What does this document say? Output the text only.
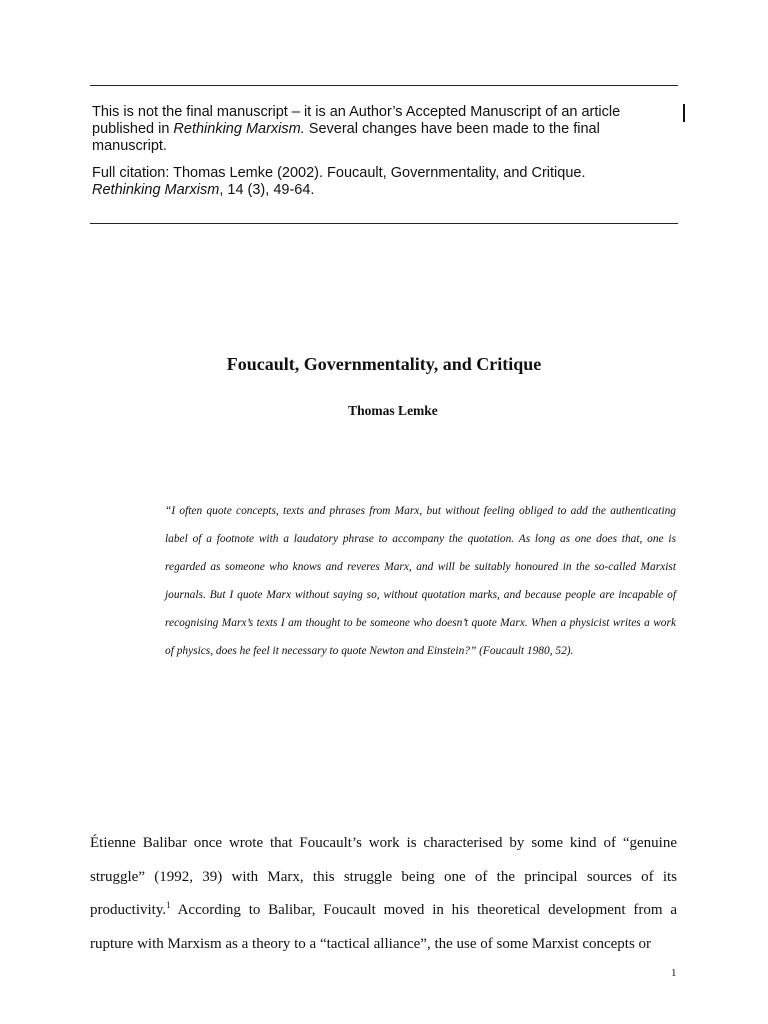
This is not the final manuscript – it is an Author’s Accepted Manuscript of an article published in Rethinking Marxism. Several changes have been made to the final manuscript.

Full citation: Thomas Lemke (2002). Foucault, Governmentality, and Critique. Rethinking Marxism, 14 (3), 49-64.

Foucault, Governmentality, and Critique
Thomas Lemke

“I often quote concepts, texts and phrases from Marx, but without feeling obliged to add the authenticating label of a footnote with a laudatory phrase to accompany the quotation. As long as one does that, one is regarded as someone who knows and reveres Marx, and will be suitably honoured in the so-called Marxist journals. But I quote Marx without saying so, without quotation marks, and because people are incapable of recognising Marx’s texts I am thought to be someone who doesn’t quote Marx. When a physicist writes a work of physics, does he feel it necessary to quote Newton and Einstein?” (Foucault 1980, 52).

Étienne Balibar once wrote that Foucault’s work is characterised by some kind of “genuine struggle” (1992, 39) with Marx, this struggle being one of the principal sources of its productivity.$^1$ According to Balibar, Foucault moved in his theoretical development from a rupture with Marxism as a theory to a “tactical alliance”, the use of some Marxist concepts or

1
